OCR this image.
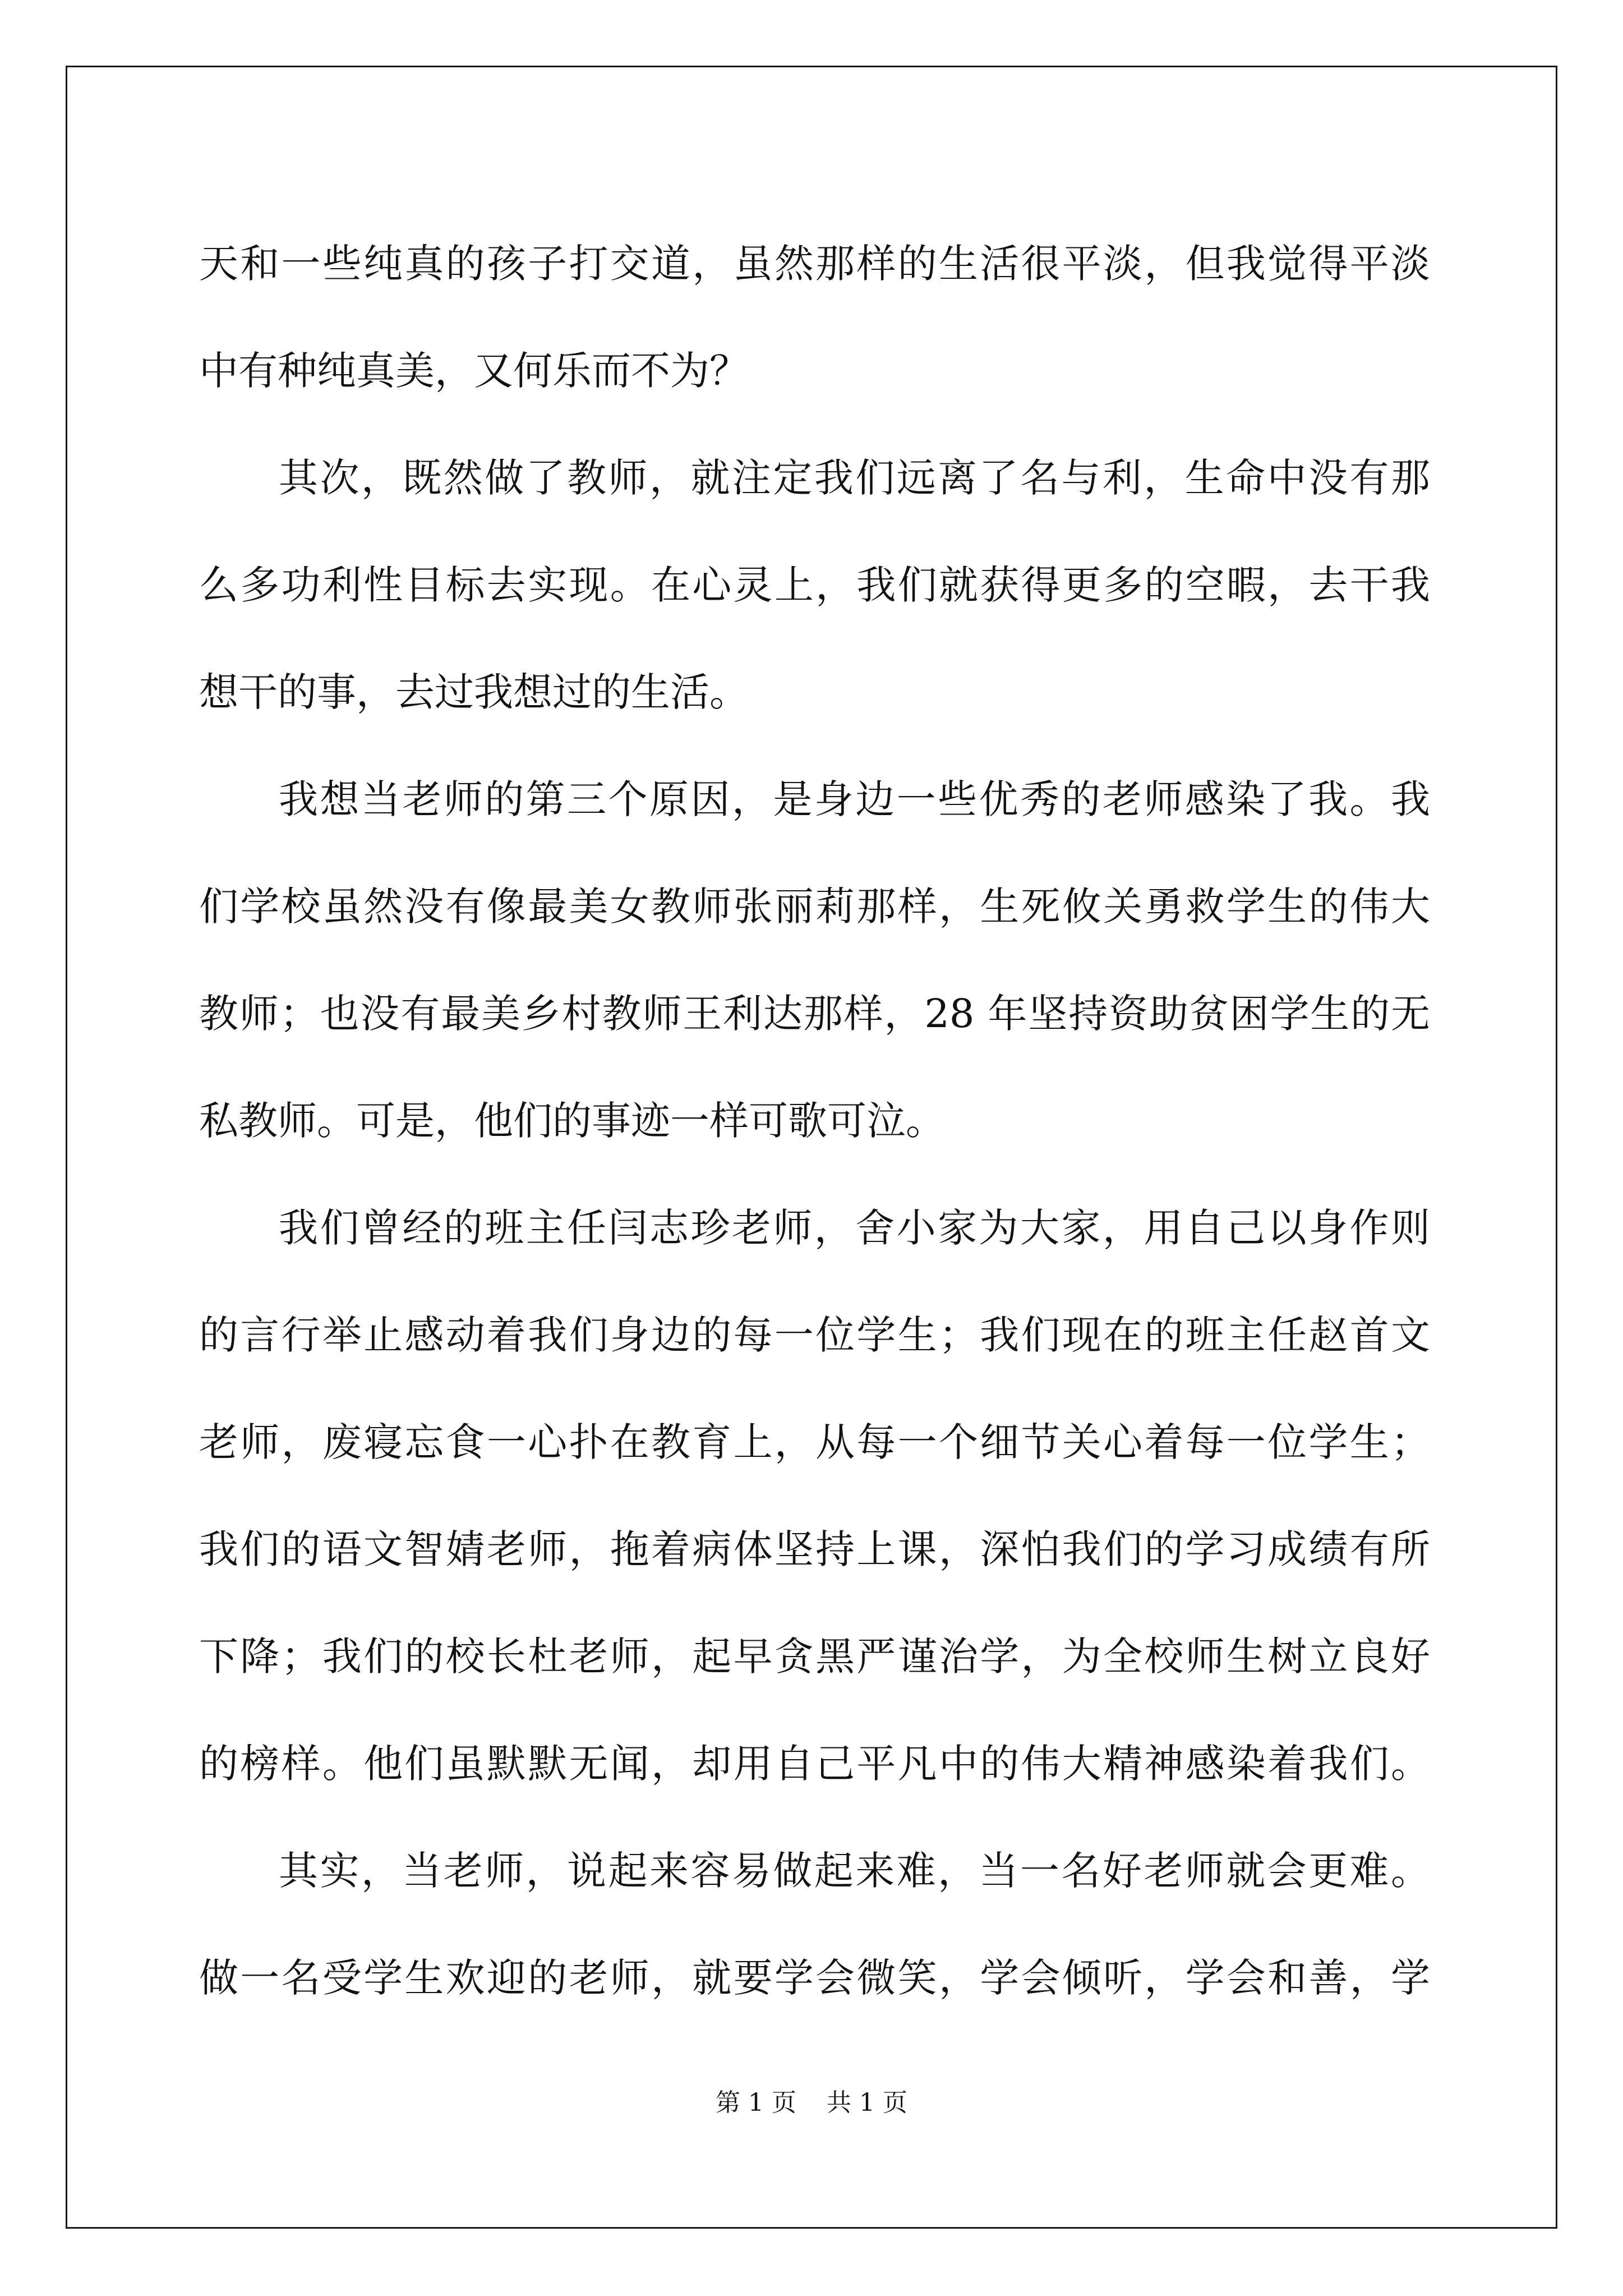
天和一些纯真的孩子打交道，虽然那样的生活很平淡，但我觉得平淡
中有种纯真美，又何乐而不为？
其次，既然做了教师，就注定我们远离了名与利，生命中没有那
么多功利性目标去实现。在心灵上，我们就获得更多的空暇，去干我
想干的事，去过我想过的生活。
我想当老师的第三个原因，是身边一些优秀的老师感染了我。我
们学校虽然没有像最美女教师张丽莉那样，生死攸关勇救学生的伟大
教师；也没有最美乡村教师王利达那样，28 年坚持资助贫困学生的无
私教师。可是，他们的事迹一样可歌可泣。
我们曾经的班主任闫志珍老师，舍小家为大家，用自己以身作则
的言行举止感动着我们身边的每一位学生；我们现在的班主任赵首文
老师，废寝忘食一心扑在教育上，从每一个细节关心着每一位学生；
我们的语文智婧老师，拖着病体坚持上课，深怕我们的学习成绩有所
下降；我们的校长杜老师，起早贪黑严谨治学，为全校师生树立良好
的榜样。他们虽默默无闻，却用自己平凡中的伟大精神感染着我们。
其实，当老师，说起来容易做起来难，当一名好老师就会更难。
做一名受学生欢迎的老师，就要学会微笑，学会倾听，学会和善，学
第 1 页 共 1 页
